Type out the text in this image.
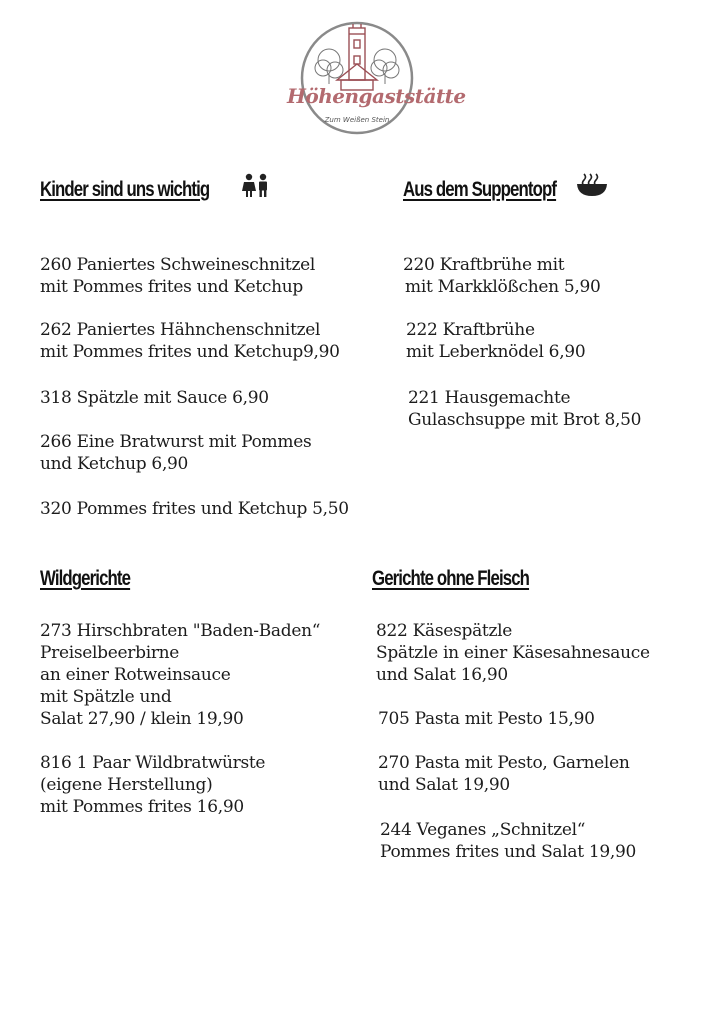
Höhengaststätte
Zum Weißen Stein
Kinder sind uns wichtig
260 Paniertes Schweineschnitzel
mit Pommes frites und Ketchup
262 Paniertes Hähnchenschnitzel
mit Pommes frites und Ketchup9,90
318 Spätzle mit Sauce 6,90
266 Eine Bratwurst mit Pommes
und Ketchup 6,90
320 Pommes frites und Ketchup 5,50
Aus dem Suppentopf
220 Kraftbrühe mit
mit Markklößchen 5,90
222 Kraftbrühe
mit Leberknödel 6,90
221 Hausgemachte
Gulaschsuppe mit Brot 8,50
Wildgerichte
273 Hirschbraten "Baden-Baden“
Preiselbeerbirne
an einer Rotweinsauce
mit Spätzle und
Salat 27,90 / klein 19,90
816 1 Paar Wildbratwürste
(eigene Herstellung)
mit Pommes frites 16,90
Gerichte ohne Fleisch
822 Käsespätzle
Spätzle in einer Käsesahnesauce
und Salat 16,90
705 Pasta mit Pesto 15,90
270 Pasta mit Pesto, Garnelen
und Salat 19,90
244 Veganes „Schnitzel“
Pommes frites und Salat 19,90
